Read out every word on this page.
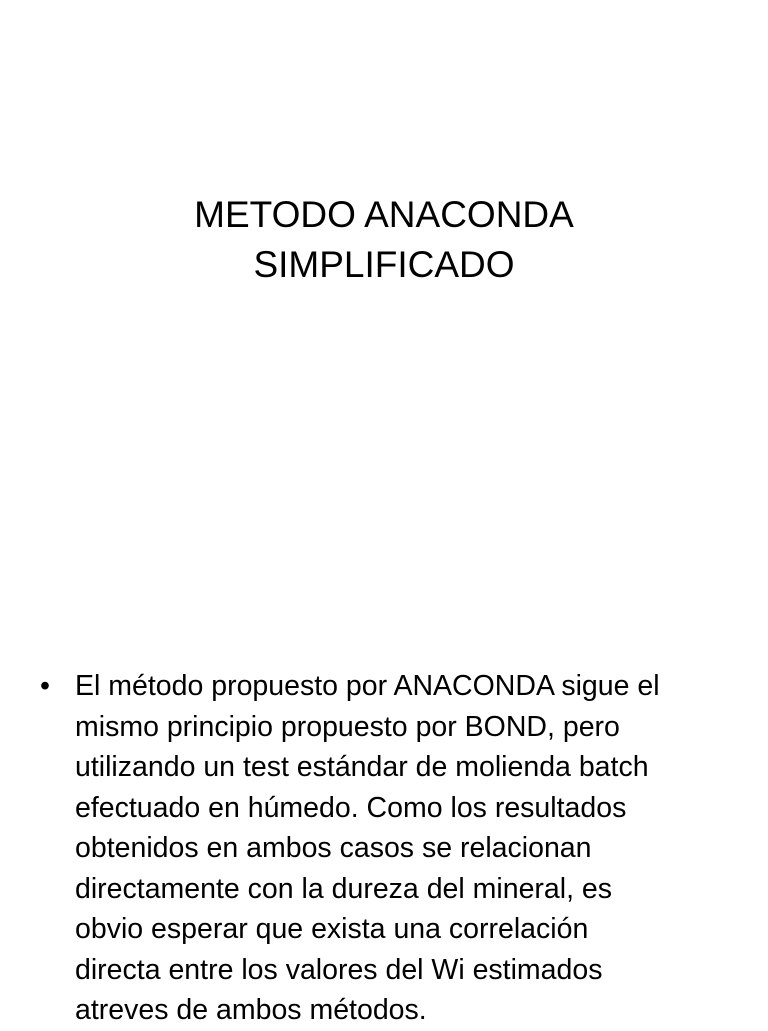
METODO ANACONDA
SIMPLIFICADO
• El método propuesto por ANACONDA sigue el
mismo principio propuesto por BOND, pero
utilizando un test estándar de molienda batch
efectuado en húmedo. Como los resultados
obtenidos en ambos casos se relacionan
directamente con la dureza del mineral, es
obvio esperar que exista una correlación
directa entre los valores del Wi estimados
atreves de ambos métodos.
